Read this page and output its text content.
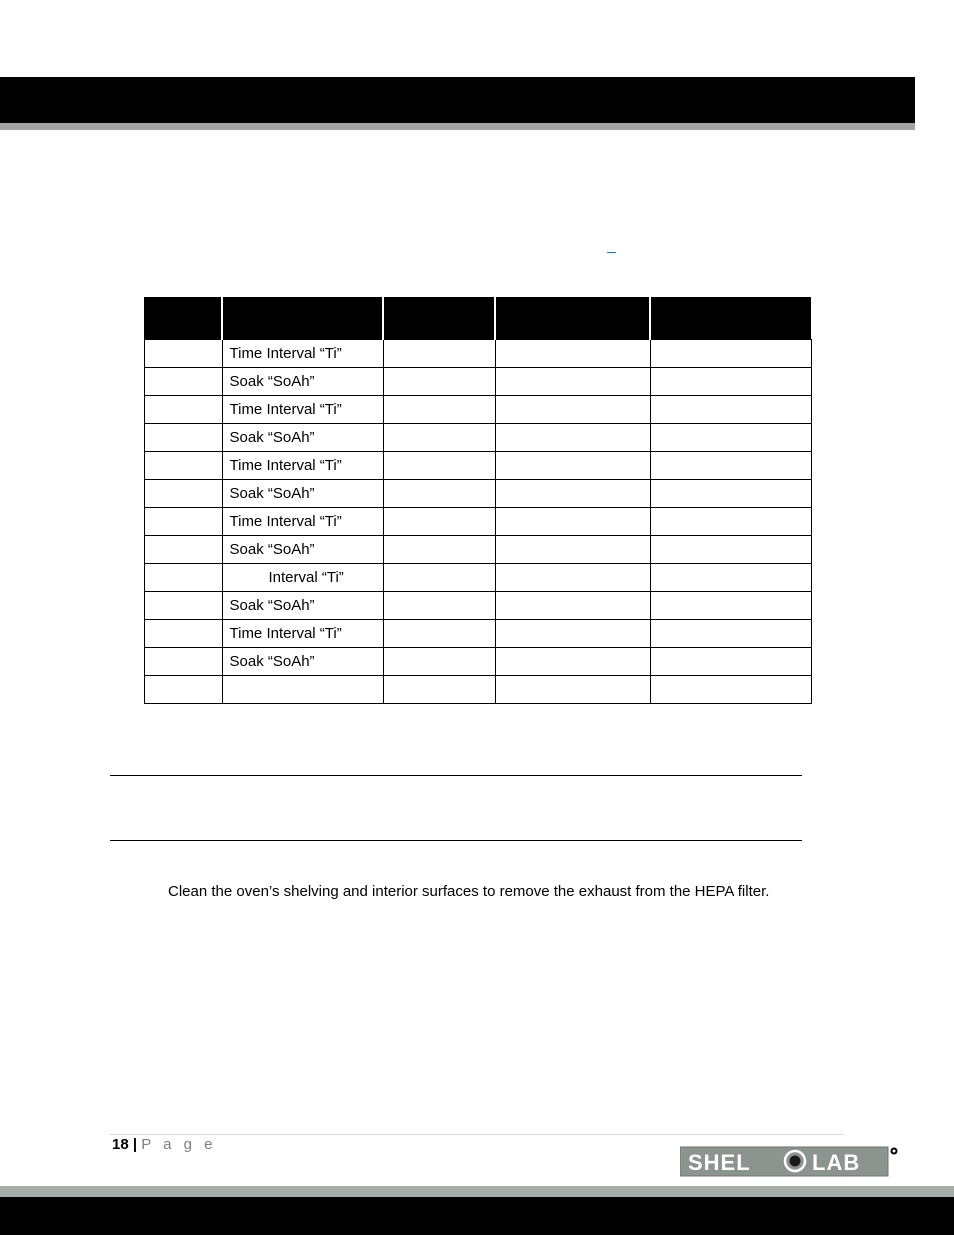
	Time Interval “Ti”			
	Soak “SoAh”			
	Time Interval “Ti”			
	Soak “SoAh”			
	Time Interval “Ti”			
	Soak “SoAh”			
	Time Interval “Ti”			
	Soak “SoAh”			
	Interval “Ti”			
	Soak “SoAh”			
	Time Interval “Ti”			
	Soak “SoAh”			

Clean the oven’s shelving and interior surfaces to remove the exhaust from the HEPA filter.
18 | P a g e
SHEL	LAB
